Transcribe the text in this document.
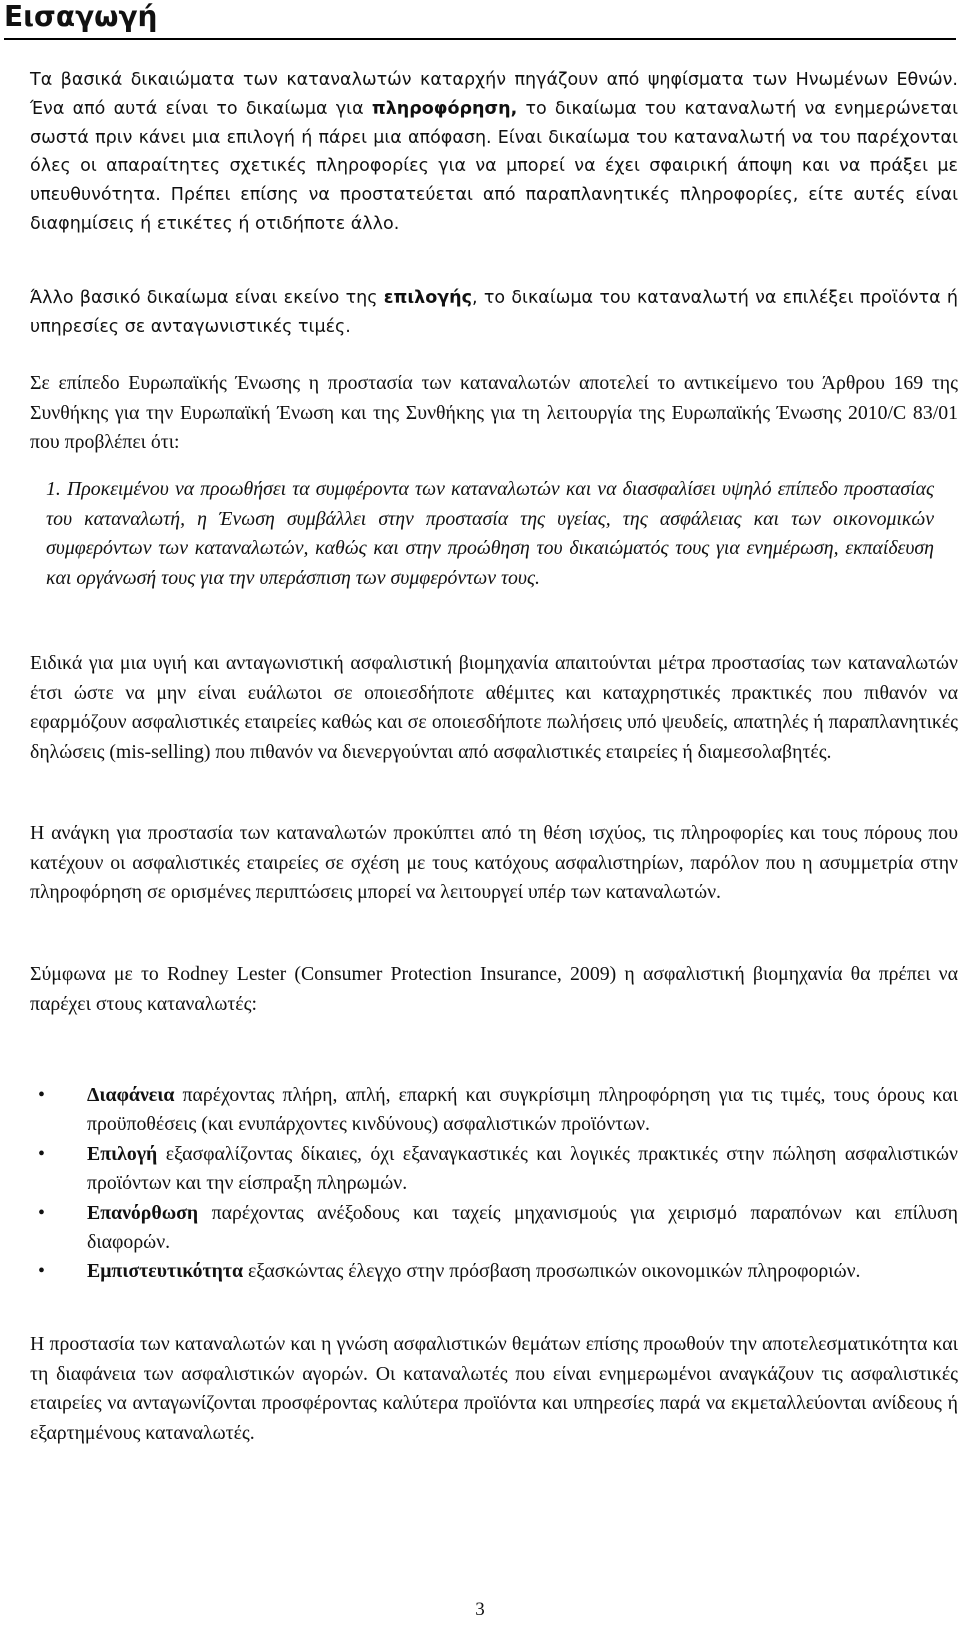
Εισαγωγή
Τα βασικά δικαιώματα των καταναλωτών καταρχήν πηγάζουν από ψηφίσματα των Ηνωμένων Εθνών. Ένα από αυτά είναι το δικαίωμα για πληροφόρηση, το δικαίωμα του καταναλωτή να ενημερώνεται σωστά πριν κάνει μια επιλογή ή πάρει μια απόφαση. Είναι δικαίωμα του καταναλωτή να του παρέχονται όλες οι απαραίτητες σχετικές πληροφορίες για να μπορεί να έχει σφαιρική άποψη και να πράξει με υπευθυνότητα. Πρέπει επίσης να προστατεύεται από παραπλανητικές πληροφορίες, είτε αυτές είναι διαφημίσεις ή ετικέτες ή οτιδήποτε άλλο.
Άλλο βασικό δικαίωμα είναι εκείνο της επιλογής, το δικαίωμα του καταναλωτή να επιλέξει προϊόντα ή υπηρεσίες σε ανταγωνιστικές τιμές.
Σε επίπεδο Ευρωπαϊκής Ένωσης η προστασία των καταναλωτών αποτελεί το αντικείμενο του Άρθρου 169 της Συνθήκης για την Ευρωπαϊκή Ένωση και της Συνθήκης για τη λειτουργία της Ευρωπαϊκής Ένωσης 2010/C 83/01 που προβλέπει ότι:
1. Προκειμένου να προωθήσει τα συμφέροντα των καταναλωτών και να διασφαλίσει υψηλό επίπεδο προστασίας του καταναλωτή, η Ένωση συμβάλλει στην προστασία της υγείας, της ασφάλειας και των οικονομικών συμφερόντων των καταναλωτών, καθώς και στην προώθηση του δικαιώματός τους για ενημέρωση, εκπαίδευση και οργάνωσή τους για την υπεράσπιση των συμφερόντων τους.
Ειδικά για μια υγιή και ανταγωνιστική ασφαλιστική βιομηχανία απαιτούνται μέτρα προστασίας των καταναλωτών έτσι ώστε να μην είναι ευάλωτοι σε οποιεσδήποτε αθέμιτες και καταχρηστικές πρακτικές που πιθανόν να εφαρμόζουν ασφαλιστικές εταιρείες καθώς και σε οποιεσδήποτε πωλήσεις υπό ψευδείς, απατηλές ή παραπλανητικές δηλώσεις (mis-selling) που πιθανόν να διενεργούνται από ασφαλιστικές εταιρείες ή διαμεσολαβητές.
Η ανάγκη για προστασία των καταναλωτών προκύπτει από τη θέση ισχύος, τις πληροφορίες και τους πόρους που κατέχουν οι ασφαλιστικές εταιρείες σε σχέση με τους κατόχους ασφαλιστηρίων, παρόλον που η ασυμμετρία στην πληροφόρηση σε ορισμένες περιπτώσεις μπορεί να λειτουργεί υπέρ των καταναλωτών.
Σύμφωνα με το Rodney Lester (Consumer Protection Insurance, 2009) η ασφαλιστική βιομηχανία θα πρέπει να παρέχει στους καταναλωτές:
• Διαφάνεια παρέχοντας πλήρη, απλή, επαρκή και συγκρίσιμη πληροφόρηση για τις τιμές, τους όρους και προϋποθέσεις (και ενυπάρχοντες κινδύνους) ασφαλιστικών προϊόντων.
• Επιλογή εξασφαλίζοντας δίκαιες, όχι εξαναγκαστικές και λογικές πρακτικές στην πώληση ασφαλιστικών προϊόντων και την είσπραξη πληρωμών.
• Επανόρθωση παρέχοντας ανέξοδους και ταχείς μηχανισμούς για χειρισμό παραπόνων και επίλυση διαφορών.
• Εμπιστευτικότητα εξασκώντας έλεγχο στην πρόσβαση προσωπικών οικονομικών πληροφοριών.
Η προστασία των καταναλωτών και η γνώση ασφαλιστικών θεμάτων επίσης προωθούν την αποτελεσματικότητα και τη διαφάνεια των ασφαλιστικών αγορών. Οι καταναλωτές που είναι ενημερωμένοι αναγκάζουν τις ασφαλιστικές εταιρείες να ανταγωνίζονται προσφέροντας καλύτερα προϊόντα και υπηρεσίες παρά να εκμεταλλεύονται ανίδεους ή εξαρτημένους καταναλωτές.
3
